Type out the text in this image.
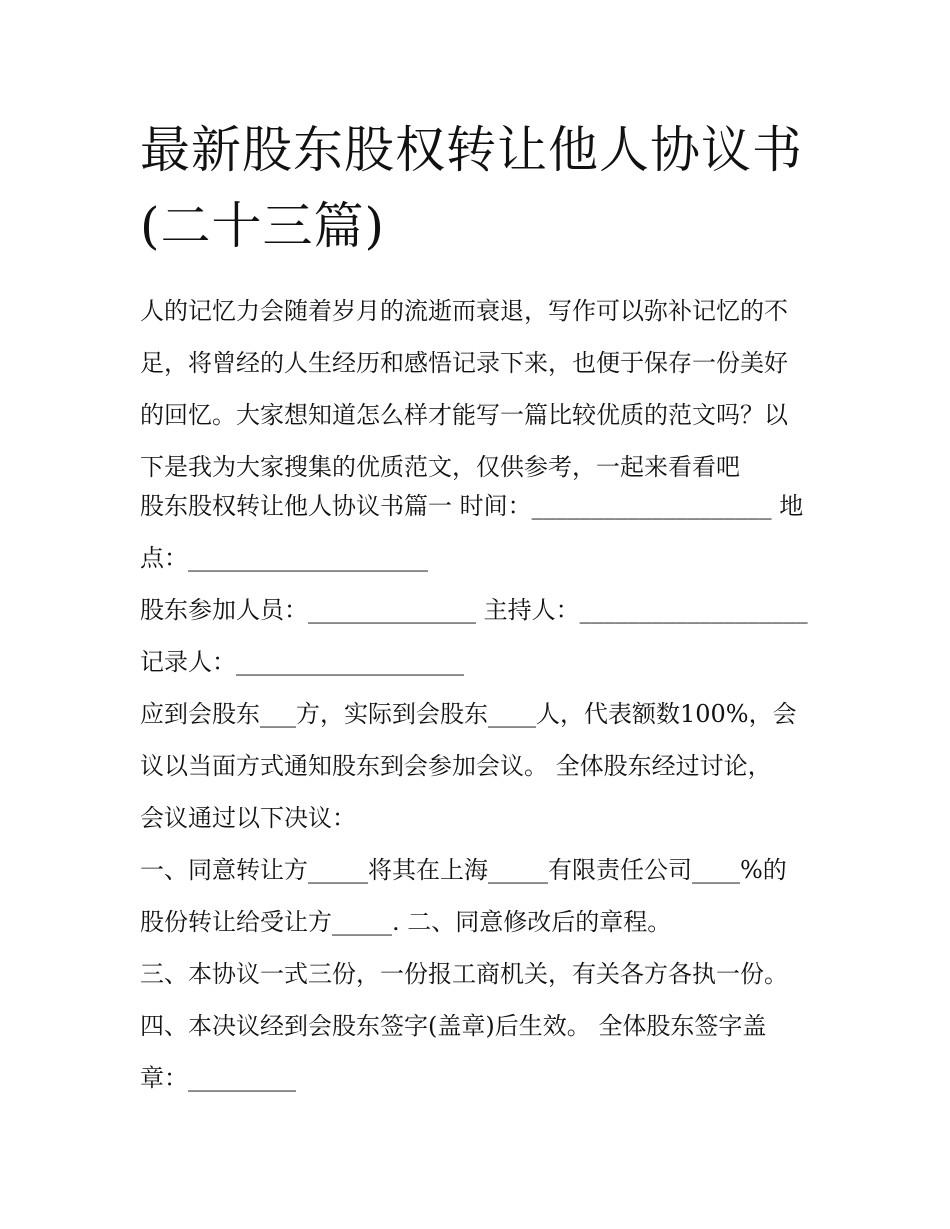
最新股东股权转让他人协议书
(二十三篇)
人的记忆力会随着岁月的流逝而衰退，写作可以弥补记忆的不
足，将曾经的人生经历和感悟记录下来，也便于保存一份美好
的回忆。大家想知道怎么样才能写一篇比较优质的范文吗？以
下是我为大家搜集的优质范文，仅供参考，一起来看看吧
股东股权转让他人协议书篇一 时间：____________________ 地
点：____________________
股东参加人员：______________ 主持人：___________________
记录人：___________________
应到会股东___方，实际到会股东____人，代表额数100%，会
议以当面方式通知股东到会参加会议。 全体股东经过讨论，
会议通过以下决议：
一、同意转让方_____将其在上海_____有限责任公司____%的
股份转让给受让方_____. 二、同意修改后的章程。
三、本协议一式三份，一份报工商机关，有关各方各执一份。
四、本决议经到会股东签字(盖章)后生效。 全体股东签字盖
章：_________
